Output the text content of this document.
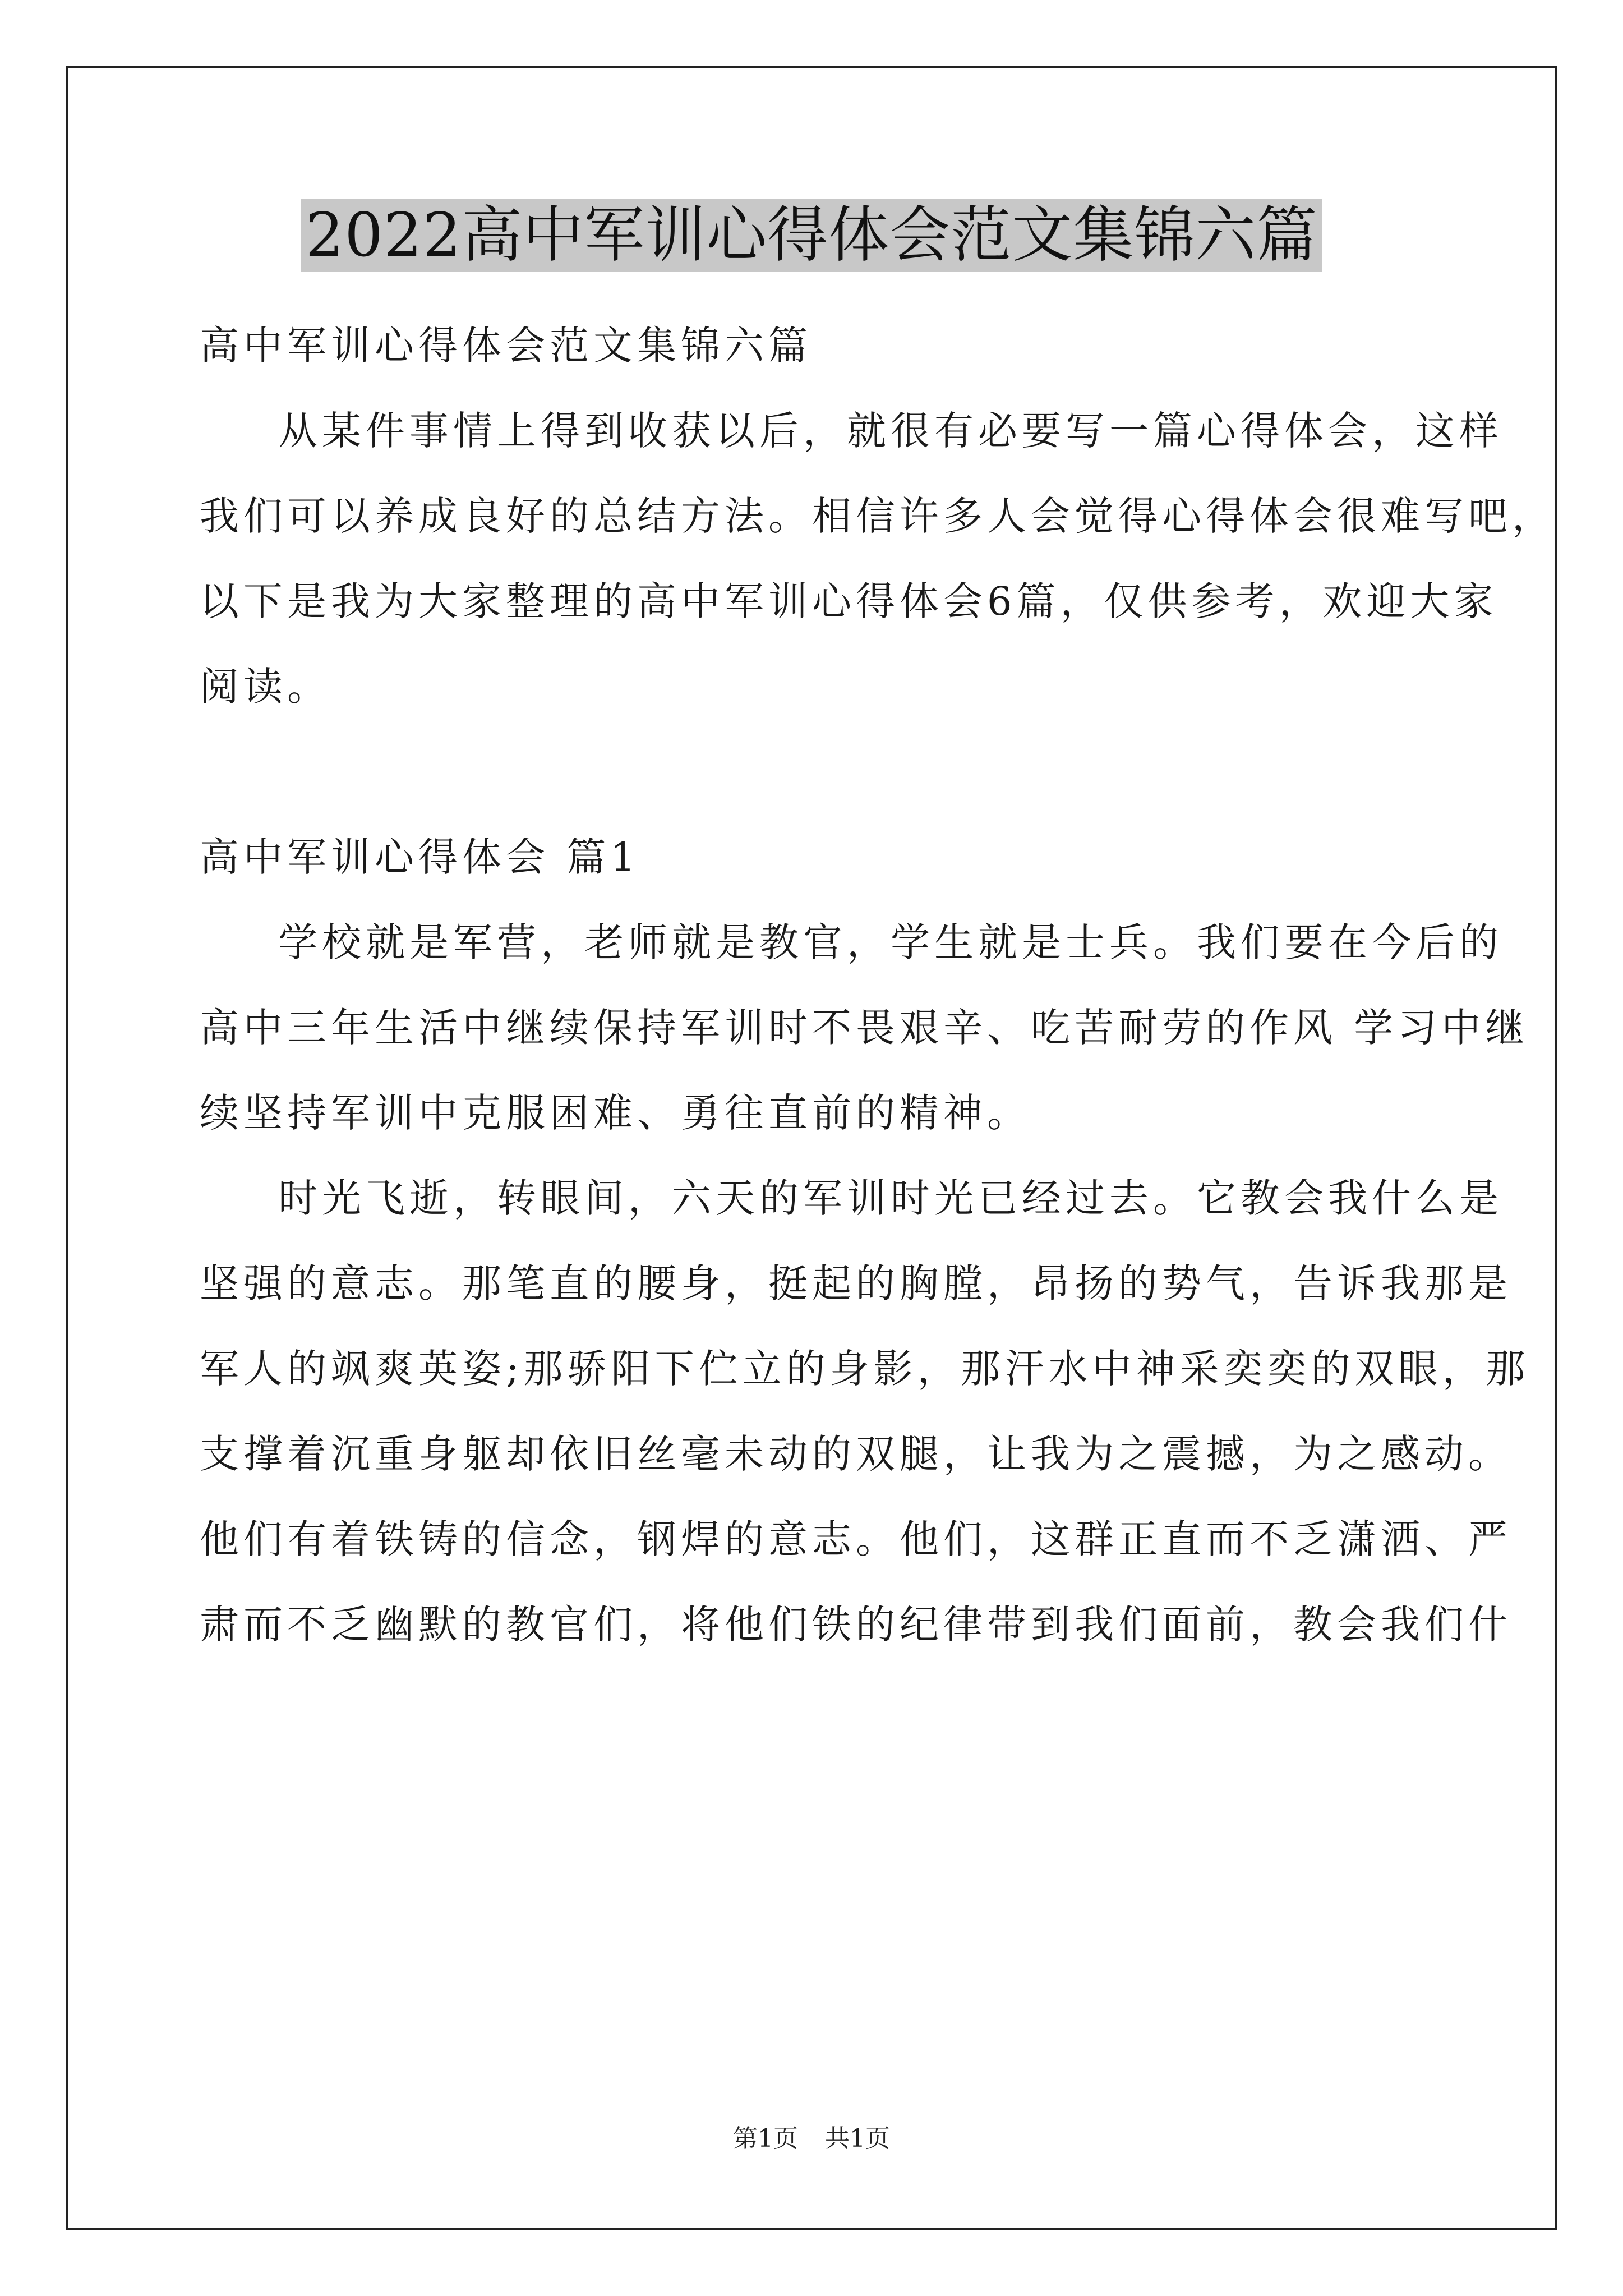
2022高中军训心得体会范文集锦六篇
高中军训心得体会范文集锦六篇
从某件事情上得到收获以后，就很有必要写一篇心得体会，这样
我们可以养成良好的总结方法。相信许多人会觉得心得体会很难写吧，
以下是我为大家整理的高中军训心得体会6篇，仅供参考，欢迎大家
阅读。
高中军训心得体会 篇1
学校就是军营，老师就是教官，学生就是士兵。我们要在今后的
高中三年生活中继续保持军训时不畏艰辛、吃苦耐劳的作风 学习中继
续坚持军训中克服困难、勇往直前的精神。
时光飞逝，转眼间，六天的军训时光已经过去。它教会我什么是
坚强的意志。那笔直的腰身，挺起的胸膛，昂扬的势气，告诉我那是
军人的飒爽英姿;那骄阳下伫立的身影，那汗水中神采奕奕的双眼，那
支撑着沉重身躯却依旧丝毫未动的双腿，让我为之震撼，为之感动。
他们有着铁铸的信念，钢焊的意志。他们，这群正直而不乏潇洒、严
肃而不乏幽默的教官们，将他们铁的纪律带到我们面前，教会我们什
第1页 共1页
